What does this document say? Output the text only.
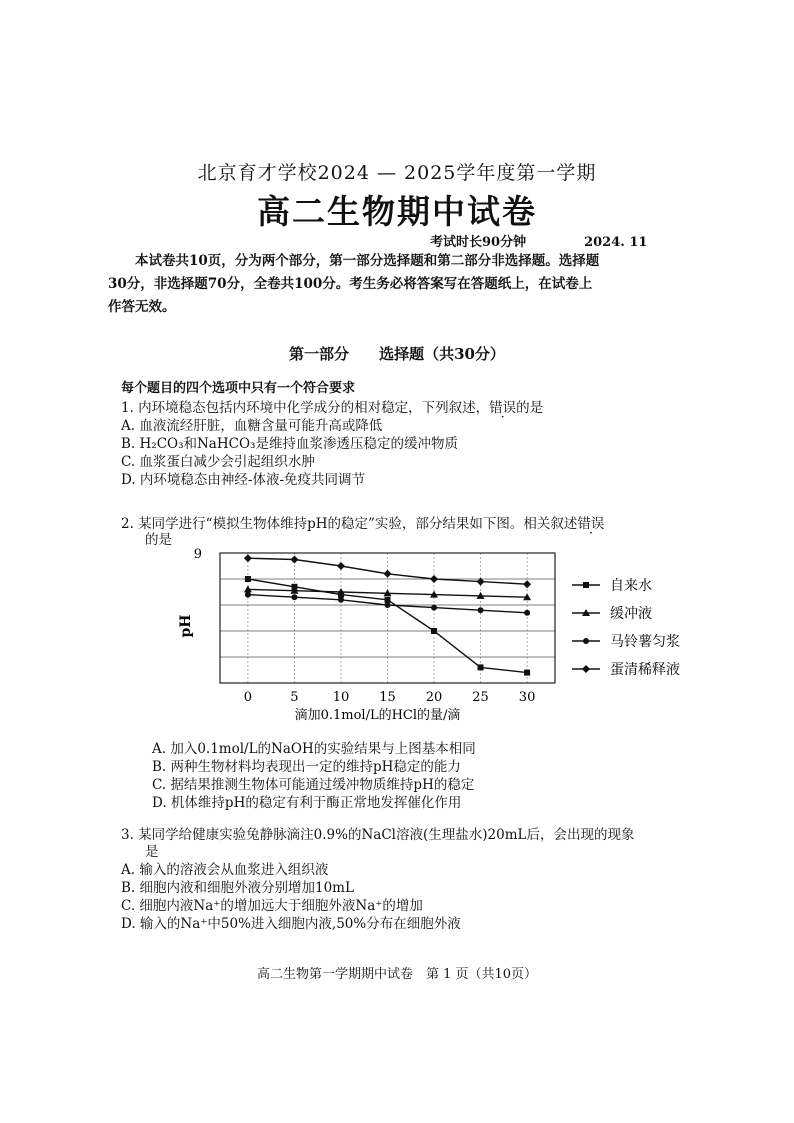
北京育才学校2024 — 2025学年度第一学期
高二生物期中试卷
考试时长90分钟	2024. 11
本试卷共10页，分为两个部分，第一部分选择题和第二部分非选择题。选择题
30分，非选择题70分，全卷共100分。考生务必将答案写在答题纸上，在试卷上
作答无效。
第一部分 选择题（共30分）
每个题目的四个选项中只有一个符合要求
1. 内环境稳态包括内环境中化学成分的相对稳定，下列叙述，错误的是
A. 血液流经肝脏，血糖含量可能升高或降低
B. H₂CO₃和NaHCO₃是维持血浆渗透压稳定的缓冲物质
C. 血浆蛋白减少会引起组织水肿
D. 内环境稳态由神经-体液-免疫共同调节
2. 某同学进行“模拟生物体维持pH的稳定”实验，部分结果如下图。相关叙述错误
的是
0	5	10 15 20 25 30
9
pH
滴加0.1mol/L的HCl的量/滴
自来水
缓冲液
马铃薯匀浆
蛋清稀释液
A. 加入0.1mol/L的NaOH的实验结果与上图基本相同
B. 两种生物材料均表现出一定的维持pH稳定的能力
C. 据结果推测生物体可能通过缓冲物质维持pH的稳定
D. 机体维持pH的稳定有利于酶正常地发挥催化作用
3. 某同学给健康实验兔静脉滴注0.9%的NaCl溶液(生理盐水)20mL后，会出现的现象
是
A. 输入的溶液会从血浆进入组织液
B. 细胞内液和细胞外液分别增加10mL
C. 细胞内液Na⁺的增加远大于细胞外液Na⁺的增加
D. 输入的Na⁺中50%进入细胞内液,50%分布在细胞外液
高二生物第一学期期中试卷　第 1 页（共10页）
